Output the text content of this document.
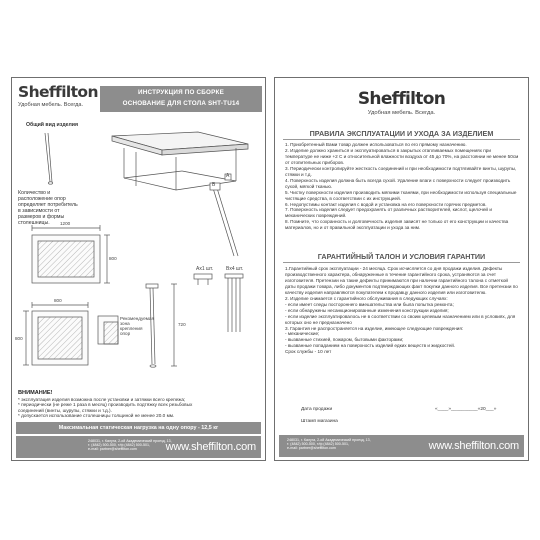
Sheffilton
Удобная мебель. Всегда.
ИНСТРУКЦИЯ ПО СБОРКЕ
ОСНОВАНИЕ ДЛЯ СТОЛА SHT-TU14
Общий вид изделия
Количество и расположение опор определяет потребитель в зависимости от размеров и формы столешницы.	1200
800
800
800
720
Рекомендуемая зона крепления опор
Ax1 шт.	Bx4 шт.
A
B
ВНИМАНИЕ!
* эксплуатация изделия возможна после установки и затяжки всего крепежа;
* периодически (не реже 1 раза в месяц) производить подтяжку всех резьбовых
соединений (винты, шурупы, стяжки и т.д.).
* допускается использование столешницы толщиной не менее 20.0 мм.
Максимальная статическая нагрузка на одну опору - 12,5 кг
248031, г. Калуга, 2-ой Академический проезд, 13,
т. (4842) 500-500, т/ф (4842) 500-501,
e-mail: partner@sheffilton.com	www.sheffilton.com
Sheffilton
Удобная мебель. Всегда.
ПРАВИЛА ЭКСПЛУАТАЦИИ И УХОДА ЗА ИЗДЕЛИЕМ

1. Приобретенный Вами товар должен использоваться по его прямому назначению.

2. Изделие должно храниться и эксплуатироваться в закрытых отапливаемых помещениях при температуре не ниже +2 С и относительной влажности воздуха от 45 до 70%, на расстоянии не менее 50см от отопительных приборов.

3. Периодически контролируйте жесткость соединений и при необходимости подтягивайте винты, шурупы, стяжки и т.д.

4. Поверхность изделия должна быть всегда сухой. Удаление влаги с поверхности следует производить сухой, мягкой тканью.

5. Чистку поверхности изделия производить мягкими тканями, при необходимости используя специальные чистящие средства, в соответствии с их инструкцией.

6. Недопустимы контакт изделия с водой и установка на его поверхности горячих предметов.

7. Поверхность изделия следует предохранять от различных растворителей, кислот, щелочей и механических повреждений.

8. Помните, что сохранность и долговечность изделия зависят не только от его конструкции и качества материалов, но и от правильной эксплуатации и ухода за ним.

ГАРАНТИЙНЫЙ ТАЛОН И УСЛОВИЯ ГАРАНТИИ

1.Гарантийный срок эксплуатации - 24 месяца. Срок исчисляется со дня продажи изделия. Дефекты производственного характера, обнаруженные в течение гарантийного срока, устраняются за счет изготовителя. Претензии на такие дефекты принимаются при наличии гарантийного талона с отметкой даты продажи товара, либо документов подтверждающих факт покупки данного изделия. Все претензии по качеству изделия направляются покупателем к продавцу данного изделия или изготовителю.

2. Изделие снимается с гарантийного обслуживания в следующих случаях:

- если имеет следы постороннего вмешательства или была попытка ремонта;

- если обнаружены несанкционированные изменения конструкции изделия;

- если изделие эксплуатировалось не в соответствии со своим целевым назначением или в условиях, для которых оно не предназначено

3. Гарантия не распространяется на изделие, имеющее следующие повреждения:

- механические;

- вызванные стихией, пожаром, бытовыми факторами;

- вызванные попаданием на поверхность изделий едких веществ и жидкостей.

Срок службы - 10 лет

Дата продажи	«____»__________«20___»
Штамп магазина
248031, г. Калуга, 2-ой Академический проезд, 13,
т. (4842) 500-500, т/ф (4842) 500-501,
e-mail: partner@sheffilton.com	www.sheffilton.com
